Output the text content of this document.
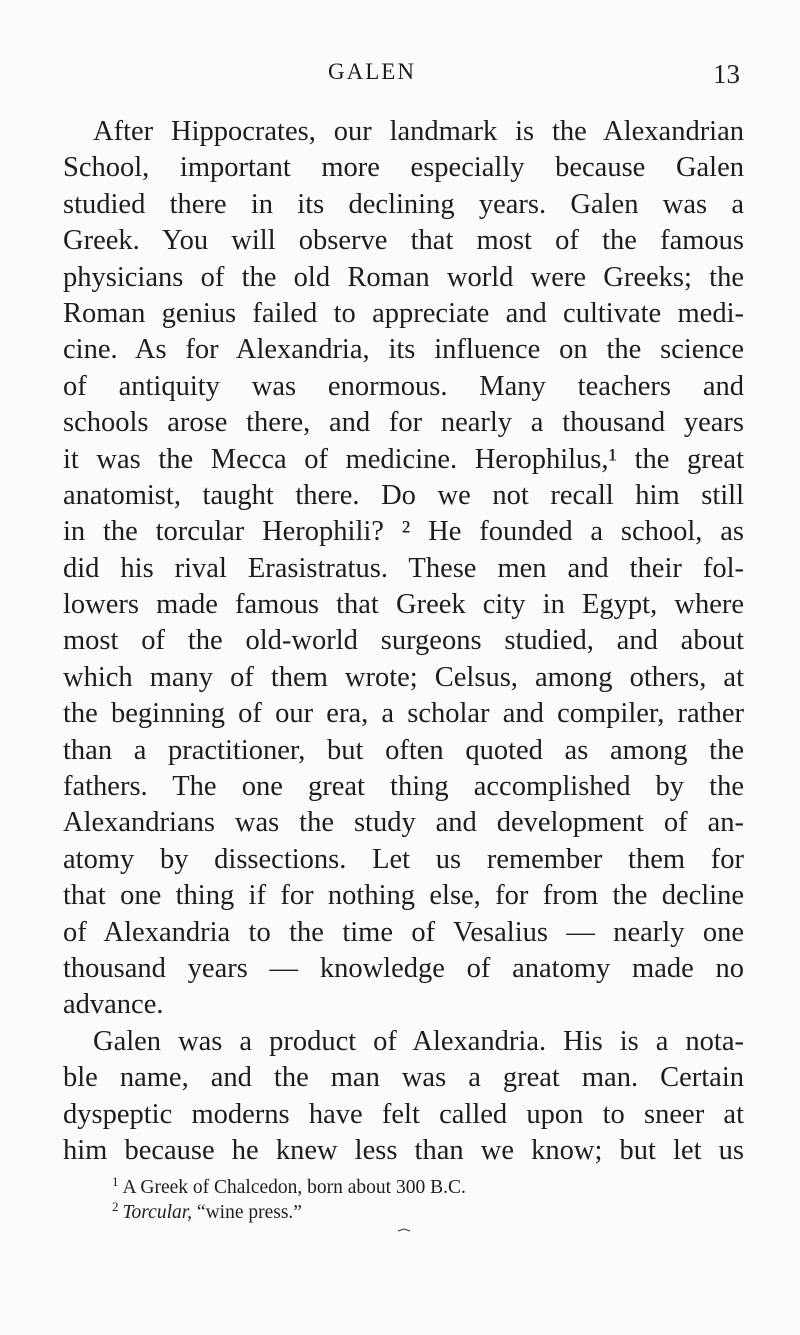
GALEN	13
After Hippocrates, our landmark is the Alexandrian
School, important more especially because Galen
studied there in its declining years. Galen was a
Greek. You will observe that most of the famous
physicians of the old Roman world were Greeks; the
Roman genius failed to appreciate and cultivate medi-
cine. As for Alexandria, its influence on the science
of antiquity was enormous. Many teachers and
schools arose there, and for nearly a thousand years
it was the Mecca of medicine. Herophilus,¹ the great
anatomist, taught there. Do we not recall him still
in the torcular Herophili? ² He founded a school, as
did his rival Erasistratus. These men and their fol-
lowers made famous that Greek city in Egypt, where
most of the old-world surgeons studied, and about
which many of them wrote; Celsus, among others, at
the beginning of our era, a scholar and compiler, rather
than a practitioner, but often quoted as among the
fathers. The one great thing accomplished by the
Alexandrians was the study and development of an-
atomy by dissections. Let us remember them for
that one thing if for nothing else, for from the decline
of Alexandria to the time of Vesalius — nearly one
thousand years — knowledge of anatomy made no
advance.
Galen was a product of Alexandria. His is a nota-
ble name, and the man was a great man. Certain
dyspeptic moderns have felt called upon to sneer at
him because he knew less than we know; but let us
$^1$ A Greek of Chalcedon, born about 300 B.C.
$^2$ Torcular, “wine press.”
